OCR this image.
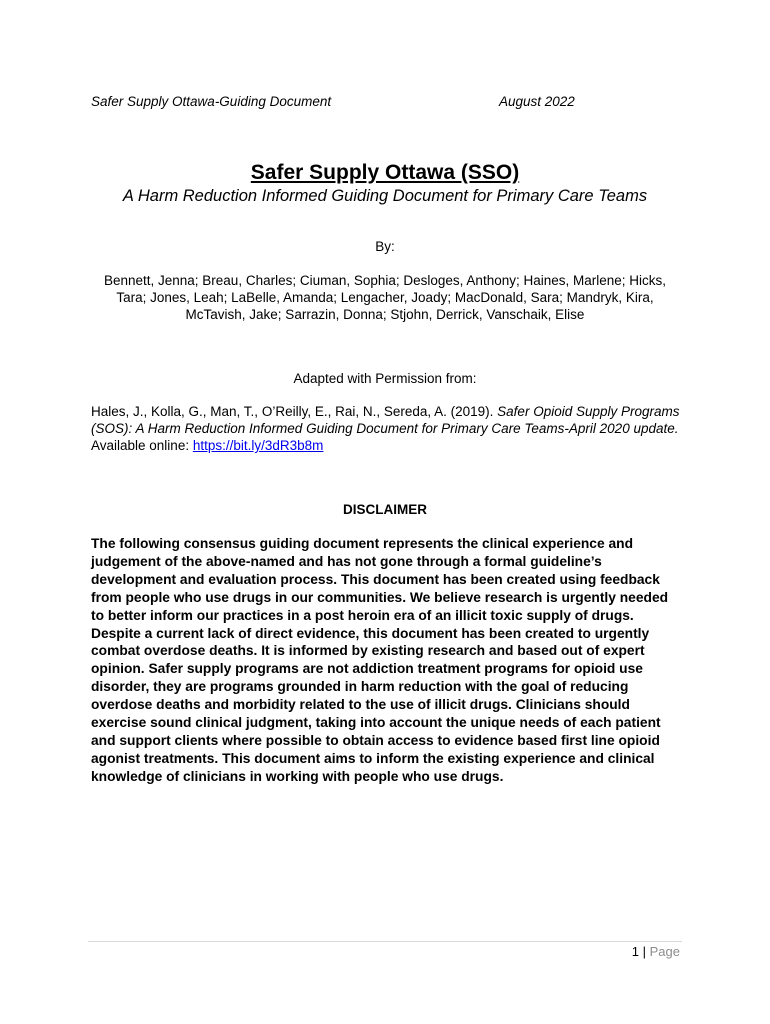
Safer Supply Ottawa-Guiding Document	August 2022
Safer Supply Ottawa (SSO)
A Harm Reduction Informed Guiding Document for Primary Care Teams
By:
Bennett, Jenna; Breau, Charles; Ciuman, Sophia; Desloges, Anthony; Haines, Marlene; Hicks, Tara; Jones, Leah; LaBelle, Amanda; Lengacher, Joady; MacDonald, Sara; Mandryk, Kira, McTavish, Jake; Sarrazin, Donna; Stjohn, Derrick, Vanschaik, Elise
Adapted with Permission from:
Hales, J., Kolla, G., Man, T., O’Reilly, E., Rai, N., Sereda, A. (2019). Safer Opioid Supply Programs (SOS): A Harm Reduction Informed Guiding Document for Primary Care Teams-April 2020 update. Available online: https://bit.ly/3dR3b8m
DISCLAIMER
The following consensus guiding document represents the clinical experience and judgement of the above-named and has not gone through a formal guideline’s development and evaluation process. This document has been created using feedback from people who use drugs in our communities. We believe research is urgently needed to better inform our practices in a post heroin era of an illicit toxic supply of drugs. Despite a current lack of direct evidence, this document has been created to urgently combat overdose deaths. It is informed by existing research and based out of expert opinion. Safer supply programs are not addiction treatment programs for opioid use disorder, they are programs grounded in harm reduction with the goal of reducing overdose deaths and morbidity related to the use of illicit drugs. Clinicians should exercise sound clinical judgment, taking into account the unique needs of each patient and support clients where possible to obtain access to evidence based first line opioid agonist treatments. This document aims to inform the existing experience and clinical knowledge of clinicians in working with people who use drugs.
1 | Page
